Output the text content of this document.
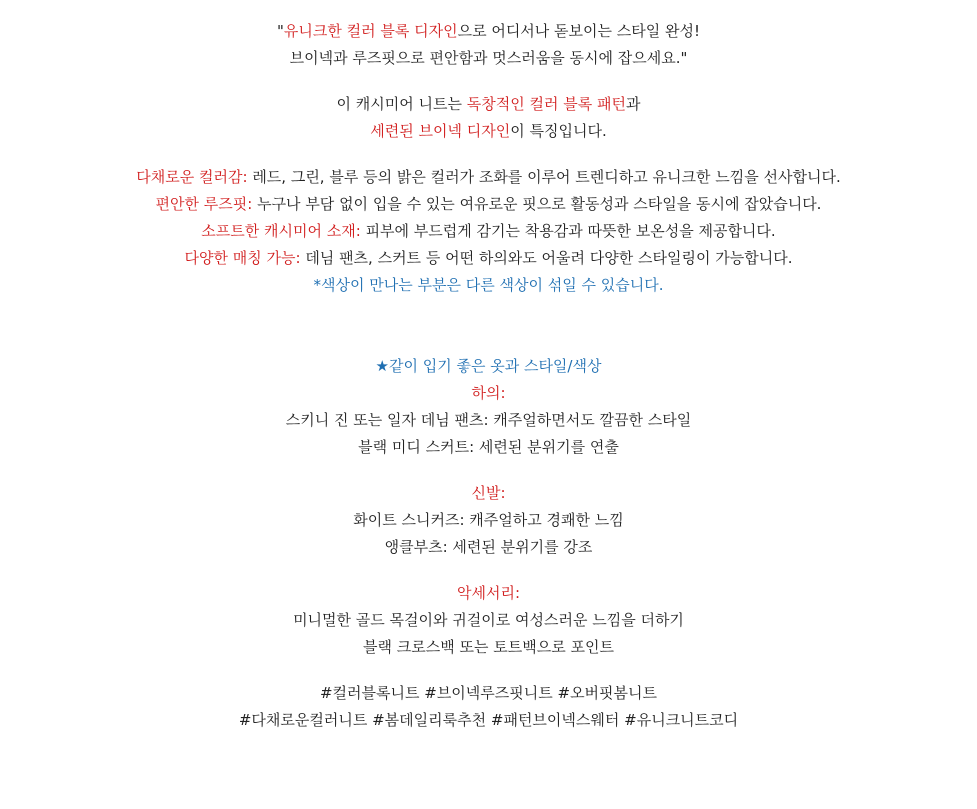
"유니크한 컬러 블록 디자인으로 어디서나 돋보이는 스타일 완성!
브이넥과 루즈핏으로 편안함과 멋스러움을 동시에 잡으세요."
이 캐시미어 니트는 독창적인 컬러 블록 패턴과
세련된 브이넥 디자인이 특징입니다.
다채로운 컬러감: 레드, 그린, 블루 등의 밝은 컬러가 조화를 이루어 트렌디하고 유니크한 느낌을 선사합니다.
편안한 루즈핏: 누구나 부담 없이 입을 수 있는 여유로운 핏으로 활동성과 스타일을 동시에 잡았습니다.
소프트한 캐시미어 소재: 피부에 부드럽게 감기는 착용감과 따뜻한 보온성을 제공합니다.
다양한 매칭 가능: 데님 팬츠, 스커트 등 어떤 하의와도 어울려 다양한 스타일링이 가능합니다.
*색상이 만나는 부분은 다른 색상이 섞일 수 있습니다.
★같이 입기 좋은 옷과 스타일/색상
하의:
스키니 진 또는 일자 데님 팬츠: 캐주얼하면서도 깔끔한 스타일
블랙 미디 스커트: 세련된 분위기를 연출
신발:
화이트 스니커즈: 캐주얼하고 경쾌한 느낌
앵클부츠: 세련된 분위기를 강조
악세서리:
미니멀한 골드 목걸이와 귀걸이로 여성스러운 느낌을 더하기
블랙 크로스백 또는 토트백으로 포인트
#컬러블록니트 #브이넥루즈핏니트 #오버핏봄니트
#다채로운컬러니트 #봄데일리룩추천 #패턴브이넥스웨터 #유니크니트코디
